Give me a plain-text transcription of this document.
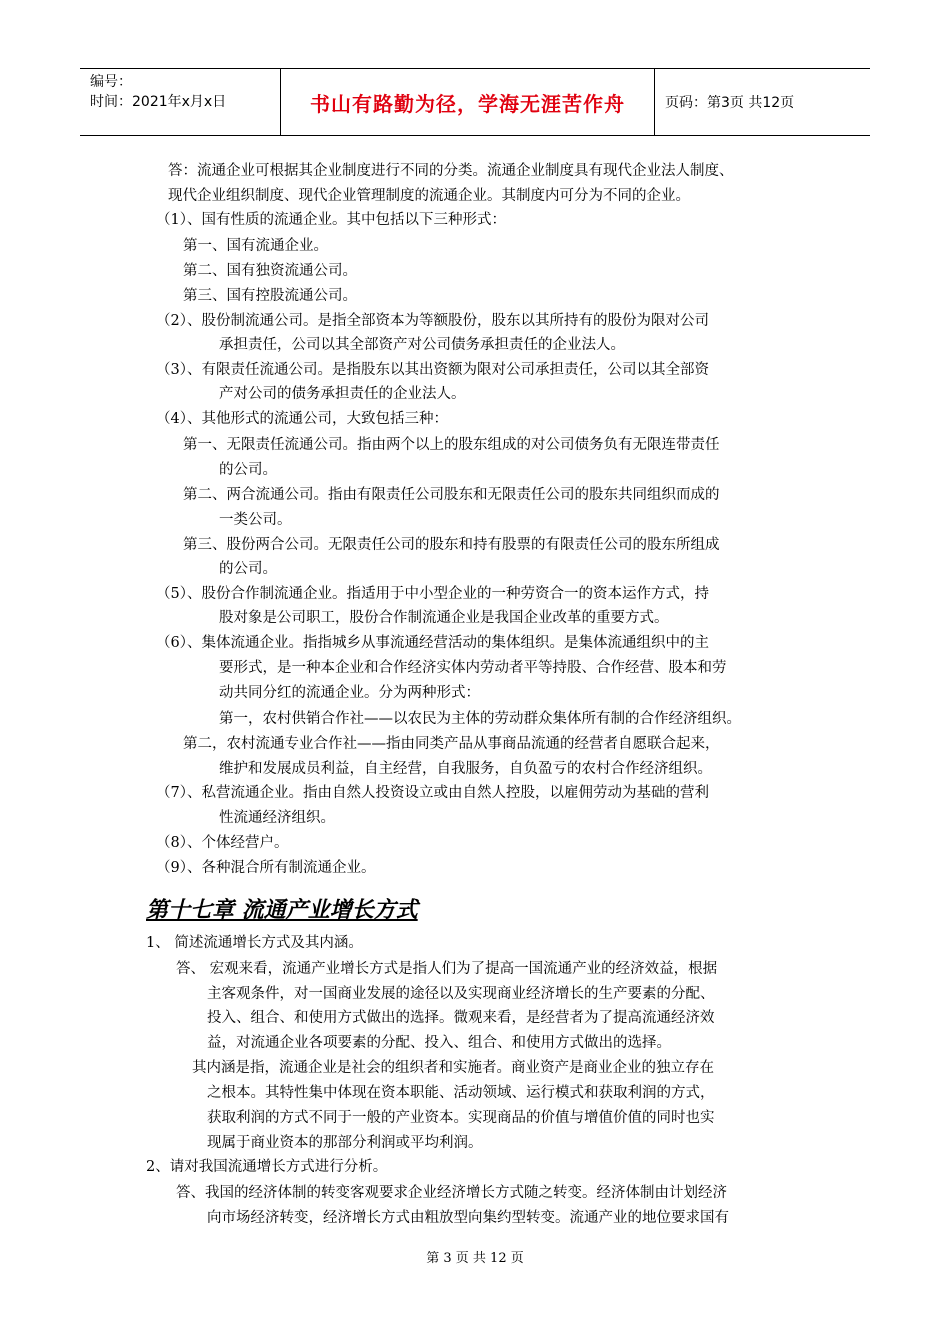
编号：
时间：2021年x月x日	书山有路勤为径，学海无涯苦作舟	页码：第3页 共12页
答：流通企业可根据其企业制度进行不同的分类。流通企业制度具有现代企业法人制度、
现代企业组织制度、现代企业管理制度的流通企业。其制度内可分为不同的企业。
（1）、国有性质的流通企业。其中包括以下三种形式：
第一、国有流通企业。
第二、国有独资流通公司。
第三、国有控股流通公司。
（2）、股份制流通公司。是指全部资本为等额股份，股东以其所持有的股份为限对公司
承担责任，公司以其全部资产对公司债务承担责任的企业法人。
（3）、有限责任流通公司。是指股东以其出资额为限对公司承担责任，公司以其全部资
产对公司的债务承担责任的企业法人。
（4）、其他形式的流通公司，大致包括三种：
第一、无限责任流通公司。指由两个以上的股东组成的对公司债务负有无限连带责任
的公司。
第二、两合流通公司。指由有限责任公司股东和无限责任公司的股东共同组织而成的
一类公司。
第三、股份两合公司。无限责任公司的股东和持有股票的有限责任公司的股东所组成
的公司。
（5）、股份合作制流通企业。指适用于中小型企业的一种劳资合一的资本运作方式，持
股对象是公司职工，股份合作制流通企业是我国企业改革的重要方式。
（6）、集体流通企业。指指城乡从事流通经营活动的集体组织。是集体流通组织中的主
要形式，是一种本企业和合作经济实体内劳动者平等持股、合作经营、股本和劳
动共同分红的流通企业。分为两种形式：
第一，农村供销合作社——以农民为主体的劳动群众集体所有制的合作经济组织。
第二，农村流通专业合作社——指由同类产品从事商品流通的经营者自愿联合起来，
维护和发展成员利益，自主经营，自我服务，自负盈亏的农村合作经济组织。
（7）、私营流通企业。指由自然人投资设立或由自然人控股，以雇佣劳动为基础的营利
性流通经济组织。
（8）、个体经营户。
（9）、各种混合所有制流通企业。
第十七章 流通产业增长方式
1、 简述流通增长方式及其内涵。
答、 宏观来看，流通产业增长方式是指人们为了提高一国流通产业的经济效益，根据
主客观条件，对一国商业发展的途径以及实现商业经济增长的生产要素的分配、
投入、组合、和使用方式做出的选择。微观来看，是经营者为了提高流通经济效
益，对流通企业各项要素的分配、投入、组合、和使用方式做出的选择。
其内涵是指，流通企业是社会的组织者和实施者。商业资产是商业企业的独立存在
之根本。其特性集中体现在资本职能、活动领域、运行模式和获取利润的方式，
获取利润的方式不同于一般的产业资本。实现商品的价值与增值价值的同时也实
现属于商业资本的那部分利润或平均利润。
2、请对我国流通增长方式进行分析。
答、我国的经济体制的转变客观要求企业经济增长方式随之转变。经济体制由计划经济
向市场经济转变，经济增长方式由粗放型向集约型转变。流通产业的地位要求国有
第 3 页 共 12 页
